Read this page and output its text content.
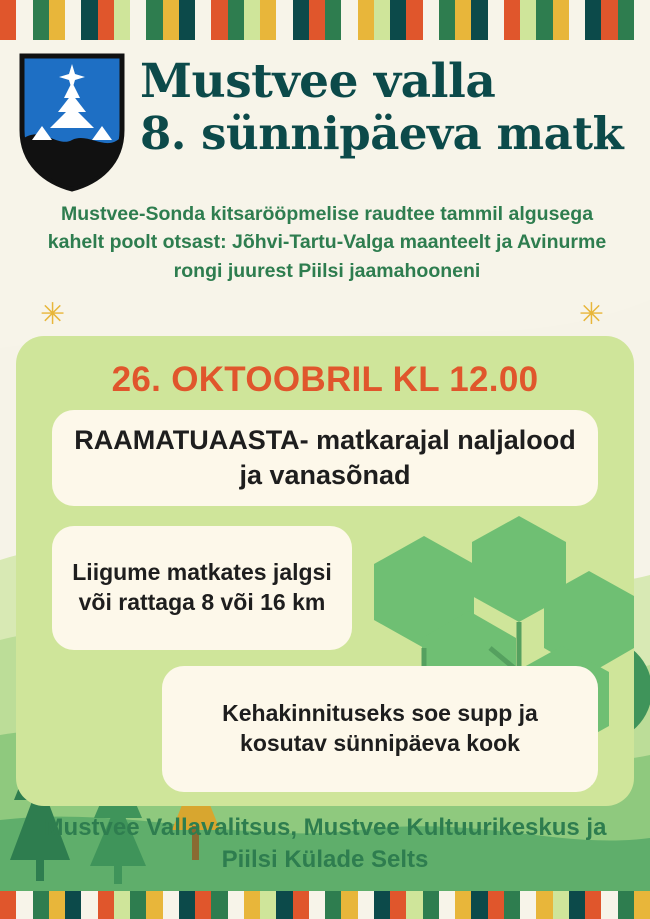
Mustvee valla
8. sünnipäeva matk
Mustvee-Sonda kitsarööpmelise raudtee tammil algusega kahelt poolt otsast: Jõhvi-Tartu-Valga maanteelt ja Avinurme rongi juurest Piilsi jaamahooneni
✳	✳
26. OKTOOBRIL KL 12.00
RAAMATUAASTA- matkarajal naljalood ja vanasõnad
Liigume matkates jalgsi või rattaga 8 või 16 km
Kehakinnituseks soe supp ja kosutav sünnipäeva kook
Mustvee Vallavalitsus, Mustvee Kultuurikeskus ja Piilsi Külade Selts
